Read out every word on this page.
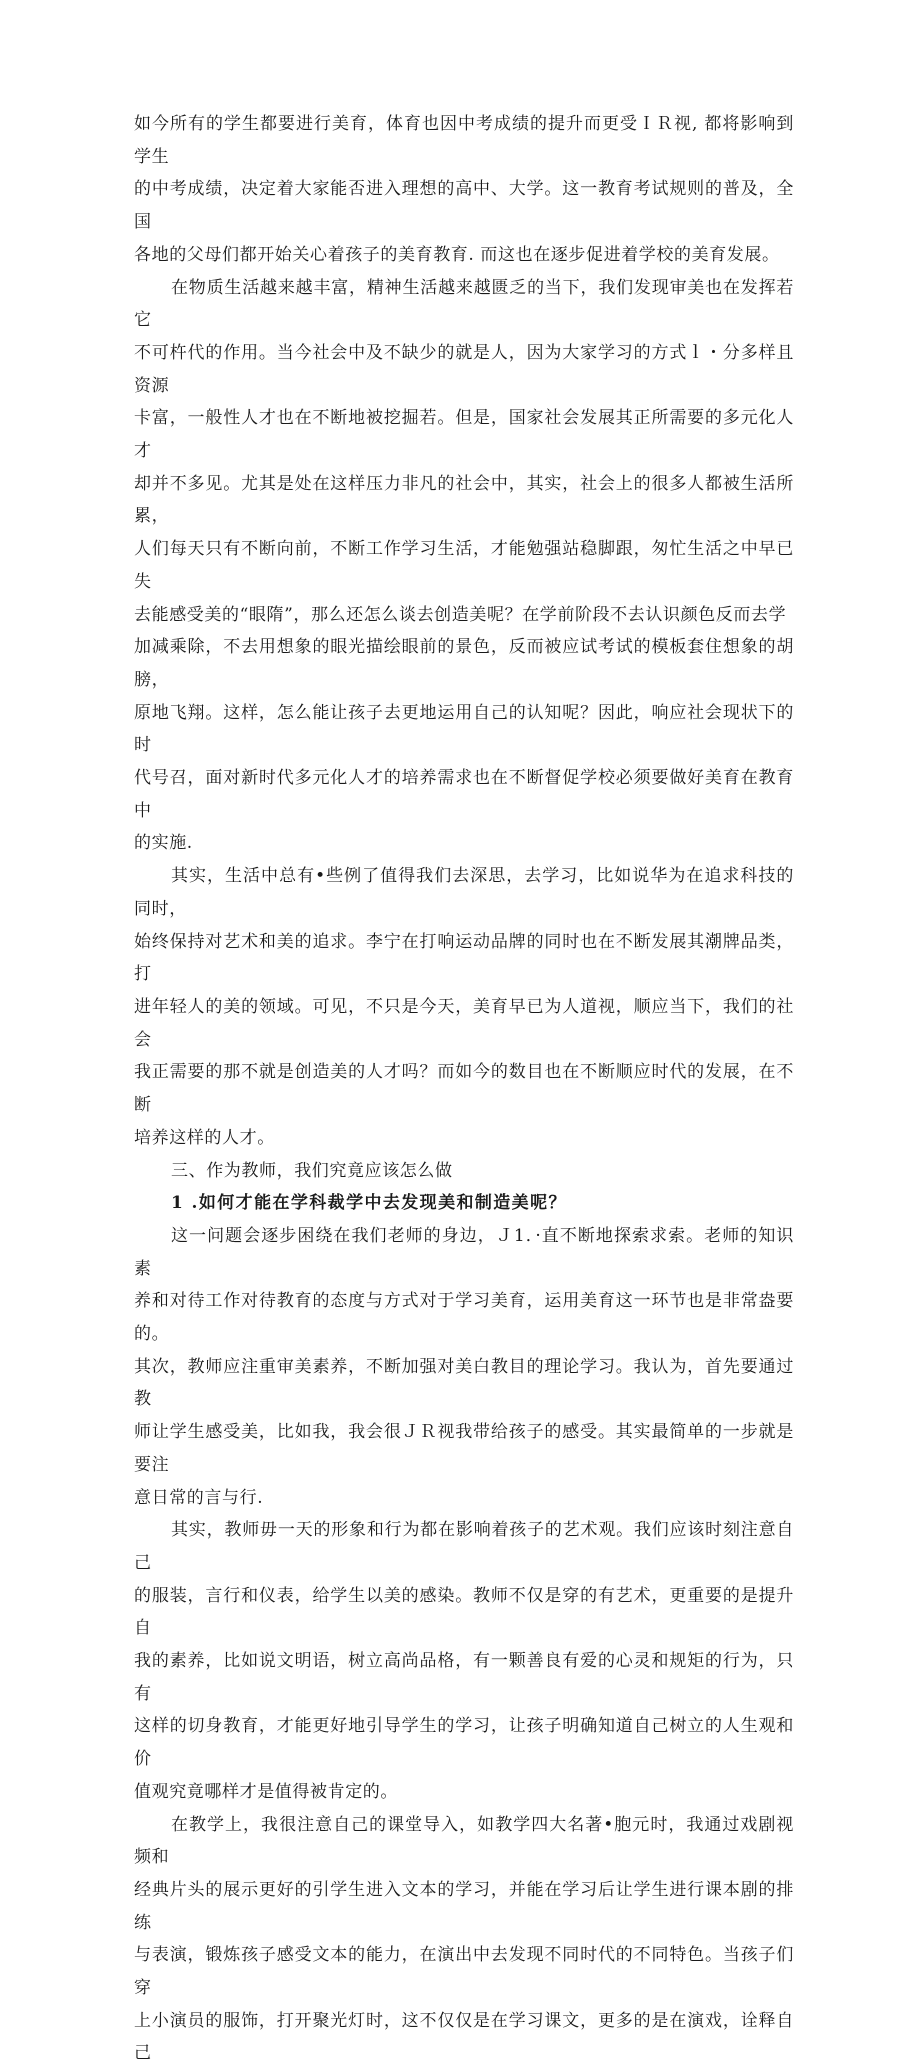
如今所有的学生都要进行美育，体育也因中考成绩的提升而更受ＩＲ视, 都将影响到学生
的中考成绩，决定着大家能否进入理想的高中、大学。这一教育考试规则的普及，全国
各地的父母们都开始关心着孩子的美育教育. 而这也在逐步促进着学校的美育发展。

在物质生活越来越丰富，精神生活越来越匮乏的当下，我们发现审美也在发挥若它
不可杵代的作用。当今社会中及不缺少的就是人，因为大家学习的方式ｌ・分多样且资源
卡富，一般性人才也在不断地被挖掘若。但是，国家社会发展其正所需要的多元化人才
却并不多见。尤其是处在这样压力非凡的社会中，其实，社会上的很多人都被生活所累，
人们每天只有不断向前，不断工作学习生活，才能勉强站稳脚跟，匆忙生活之中早已失
去能感受美的“眼隋”，那么还怎么谈去创造美呢？在学前阶段不去认识颜色反而去学
加减乘除，不去用想象的眼光描绘眼前的景色，反而被应试考试的模板套住想象的胡膀，
原地飞翔。这样，怎么能让孩子去更地运用自己的认知呢？因此，响应社会现状下的时
代号召，面对新时代多元化人才的培养需求也在不断督促学校必须要做好美育在教育中
的实施.

其实，生活中总有•些例了值得我们去深思，去学习，比如说华为在追求科技的同时，
始终保持对艺术和美的追求。李宁在打响运动品牌的同时也在不断发展其潮牌品类，打
进年轻人的美的领域。可见，不只是今天，美育早已为人道视，顺应当下，我们的社会
我正需要的那不就是创造美的人才吗？而如今的数目也在不断顺应时代的发展，在不断
培养这样的人才。

三、作为教师，我们究竟应该怎么做

1 .如何才能在学科裁学中去发现美和制造美呢？

这一问题会逐步困绕在我们老师的身边，Ｊ1．·直不断地探索求索。老师的知识素
养和对待工作对待教育的态度与方式对于学习美育，运用美育这一环节也是非常盎要的。
其次，教师应注重审美素养，不断加强对美白教目的理论学习。我认为，首先要通过教
师让学生感受美，比如我，我会很ＪＲ视我带给孩子的感受。其实最简单的一步就是要注
意日常的言与行.

其实，教师毋一天的形象和行为都在影响着孩子的艺术观。我们应该时刻注意自己
的服装，言行和仪表，给学生以美的感染。教师不仅是穿的有艺术，更重要的是提升自
我的素养，比如说文明语，树立高尚品格，有一颗善良有爱的心灵和规矩的行为，只有
这样的切身教育，才能更好地引导学生的学习，让孩子明确知道自己树立的人生观和价
值观究竟哪样才是值得被肯定的。

在教学上，我很注意自己的课堂导入，如教学四大名著•胞元时，我通过戏剧视频和
经典片头的展示更好的引学生进入文本的学习，并能在学习后让学生进行课本剧的排练
与表演，锻炼孩子感受文本的能力，在演出中去发现不同时代的不同特色。当孩子们穿
上小演员的服饰，打开聚光灯时，这不仅仅是在学习课文，更多的是在演戏，诠释自己
